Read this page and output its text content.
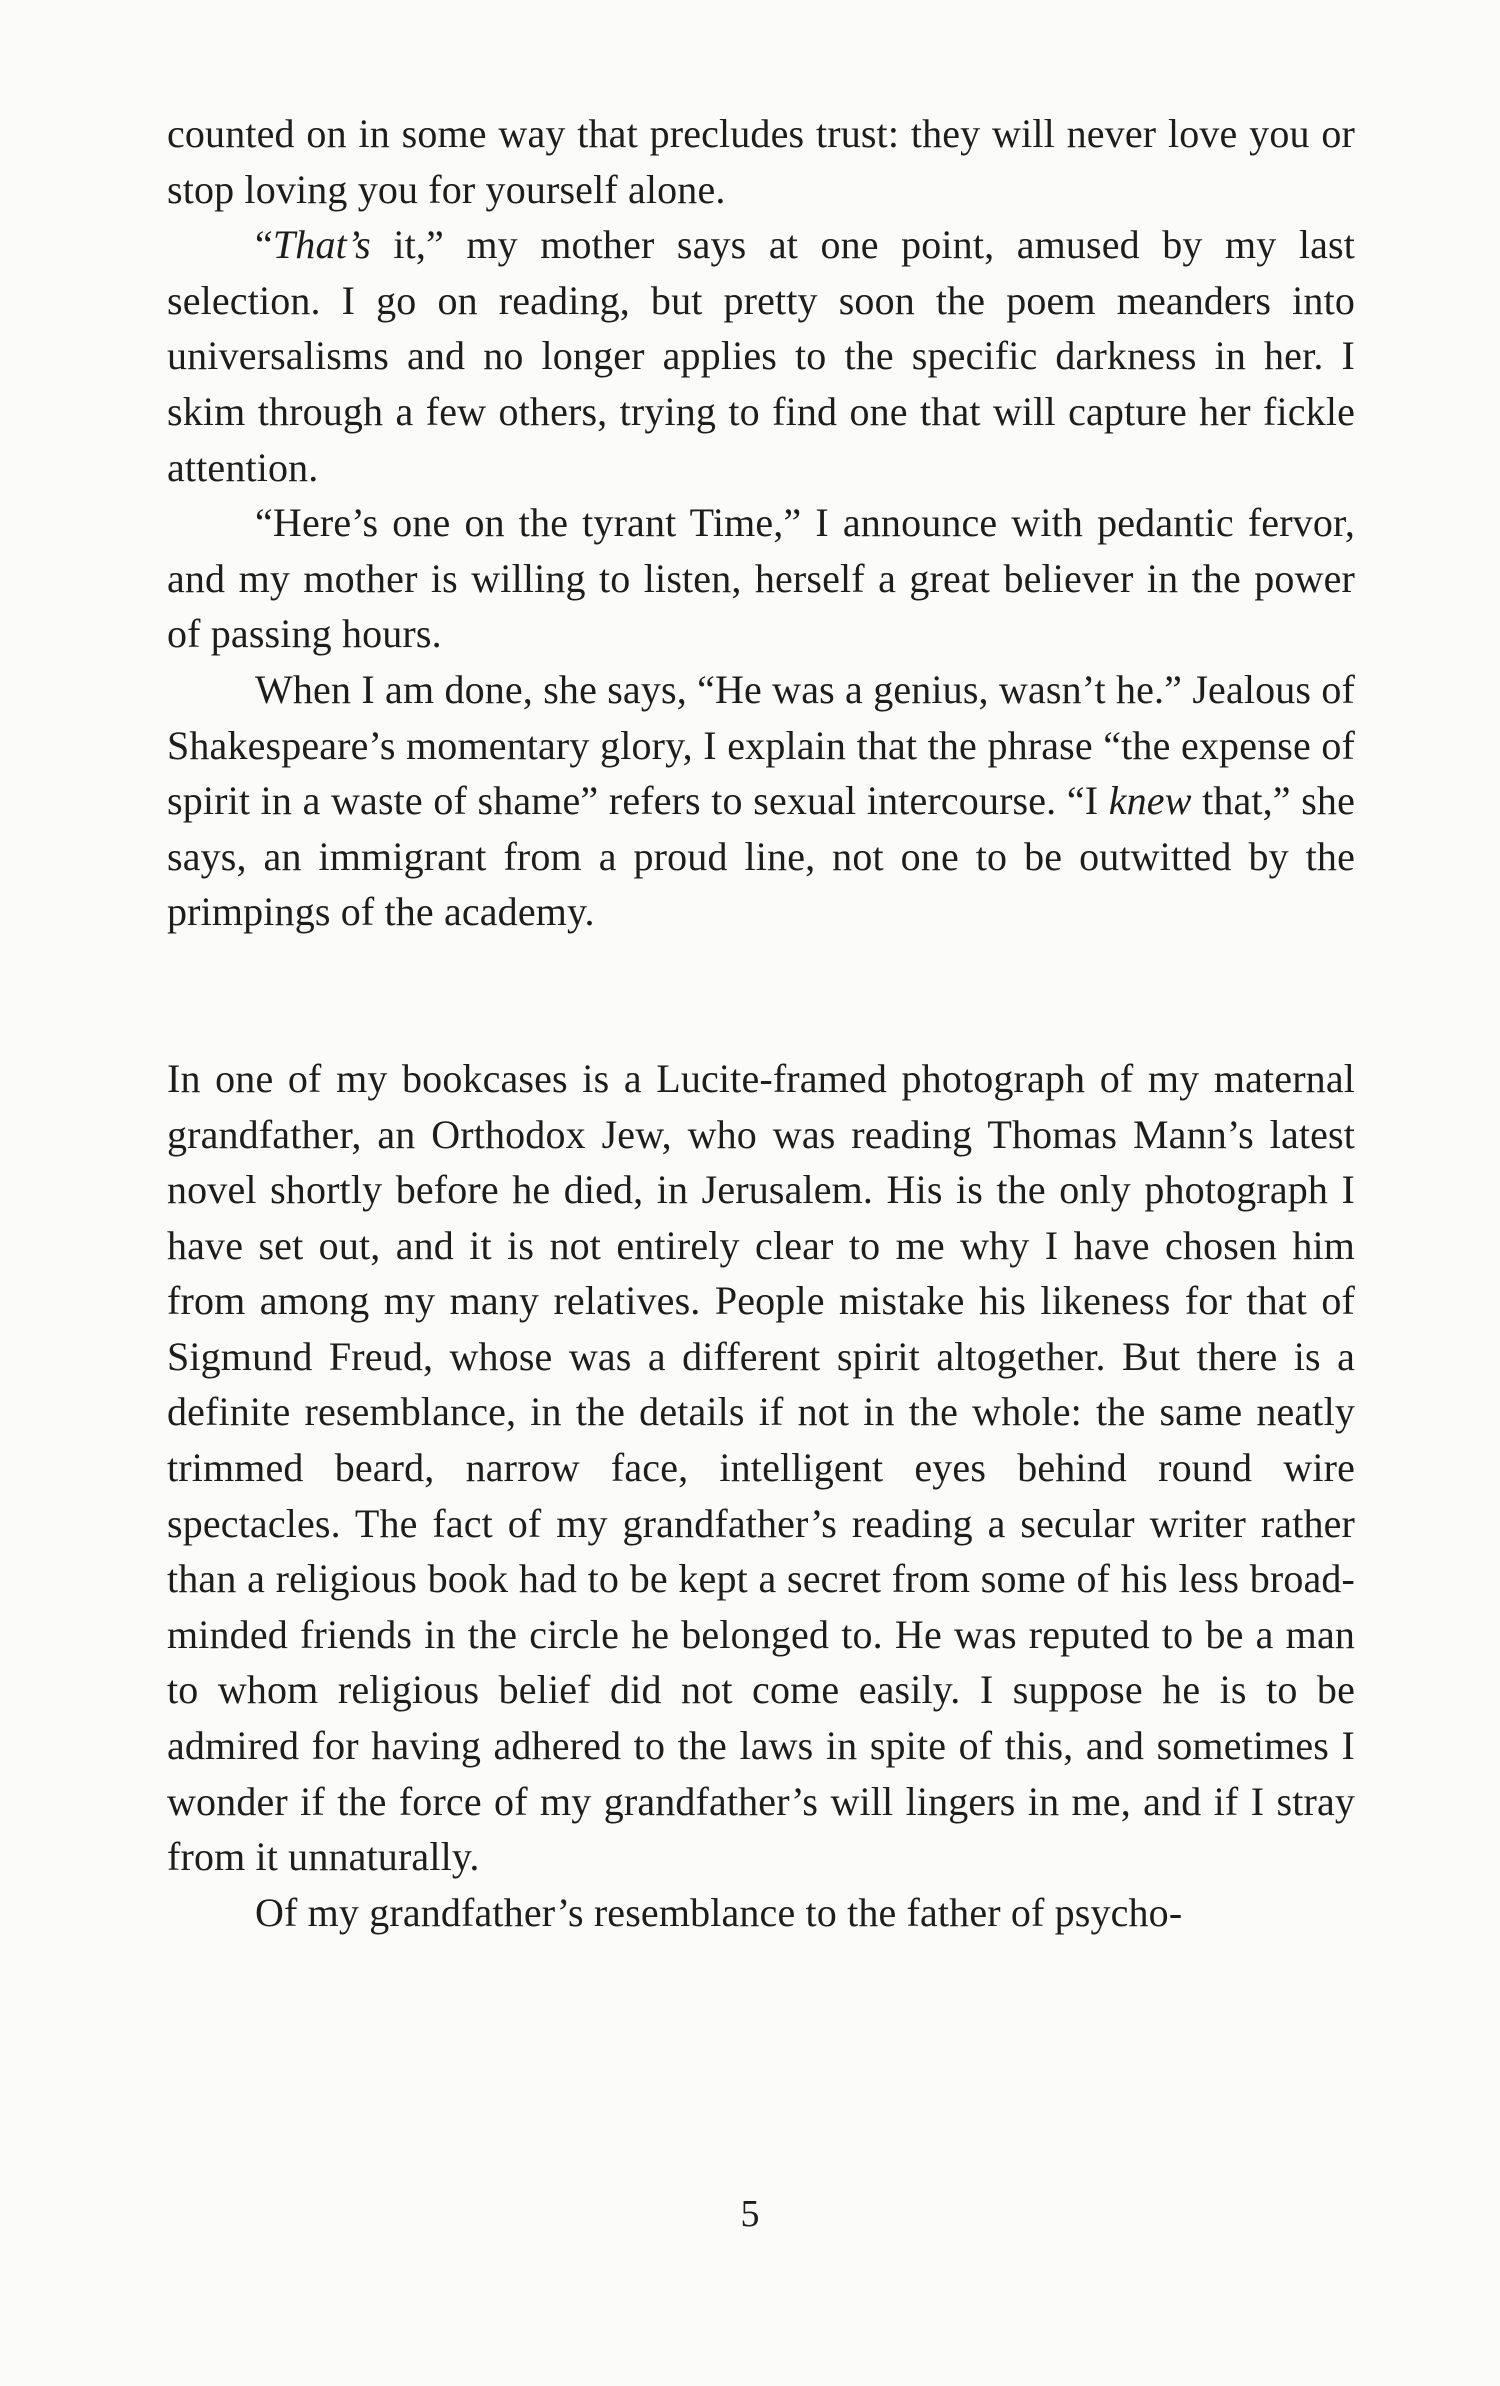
counted on in some way that precludes trust: they will never love you or stop loving you for yourself alone.

“That’s it,” my mother says at one point, amused by my last selection. I go on reading, but pretty soon the poem meanders into universalisms and no longer applies to the specific darkness in her. I skim through a few others, trying to find one that will capture her fickle attention.

“Here’s one on the tyrant Time,” I announce with pedantic fervor, and my mother is willing to listen, herself a great believer in the power of passing hours.

When I am done, she says, “He was a genius, wasn’t he.” Jealous of Shakespeare’s momentary glory, I explain that the phrase “the expense of spirit in a waste of shame” refers to sexual intercourse. “I knew that,” she says, an immigrant from a proud line, not one to be outwitted by the primpings of the academy.

In one of my bookcases is a Lucite-framed photograph of my maternal grandfather, an Orthodox Jew, who was reading Thomas Mann’s latest novel shortly before he died, in Jerusalem. His is the only photograph I have set out, and it is not entirely clear to me why I have chosen him from among my many relatives. People mistake his likeness for that of Sigmund Freud, whose was a different spirit altogether. But there is a definite resemblance, in the details if not in the whole: the same neatly trimmed beard, narrow face, intelligent eyes behind round wire spectacles. The fact of my grandfather’s reading a secular writer rather than a religious book had to be kept a secret from some of his less broad-minded friends in the circle he belonged to. He was reputed to be a man to whom religious belief did not come easily. I suppose he is to be admired for having adhered to the laws in spite of this, and sometimes I wonder if the force of my grandfather’s will lingers in me, and if I stray from it unnaturally.

Of my grandfather’s resemblance to the father of psycho-

5
